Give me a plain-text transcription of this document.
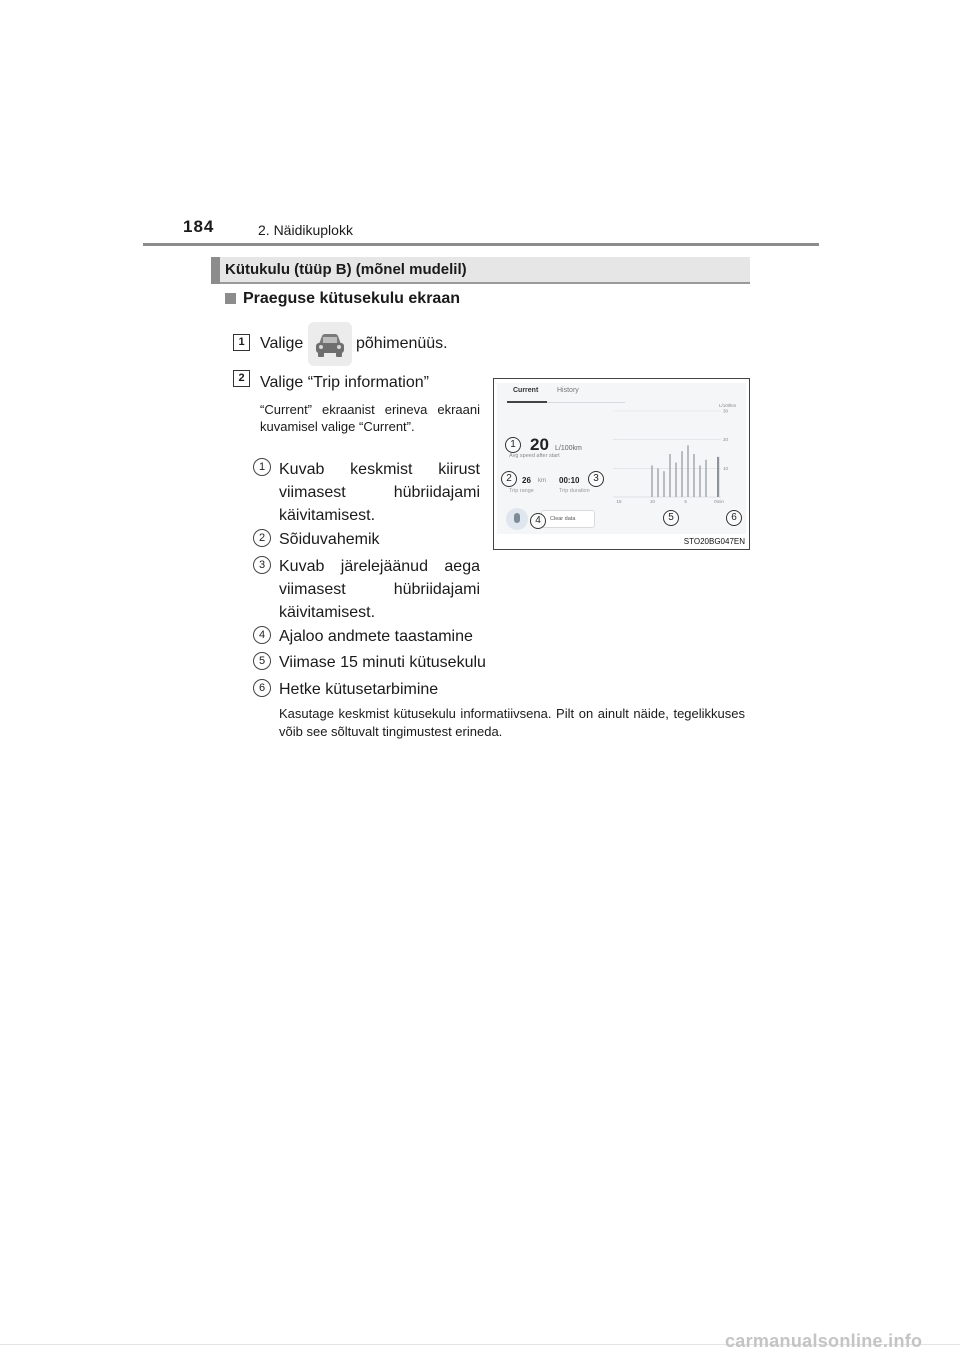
184	2. Näidikuplokk
Kütukulu (tüüp B) (mõnel mudelil)
Praeguse kütusekulu ekraan
1 Valige	põhimenüüs.
2 Valige “Trip information”
“Current” ekraanist erineva ekraani kuvamisel valige “Current”.
1 Kuvab keskmist kiirust
viimasest hübriidajami
käivitamisest.
2 Sõiduvahemik
3 Kuvab järelejäänud aega
viimasest hübriidajami
käivitamisest.
4 Ajaloo andmete taastamine
5 Viimase 15 minuti kütusekulu
6 Hetke kütusetarbimine
Kasutage keskmist kütusekulu informatiivsena. Pilt on ainult näide, tegelikkuses võib see sõltuvalt tingimustest erineda.
Current	History
20 L/100km
Avg speed after start
26 km
Trip range
00:10
Trip duration
Clear data
L/100km
30
20
10
15	10	5	0min
1
2	3
4	5	6
STO20BG047EN
carmanualsonline.info
